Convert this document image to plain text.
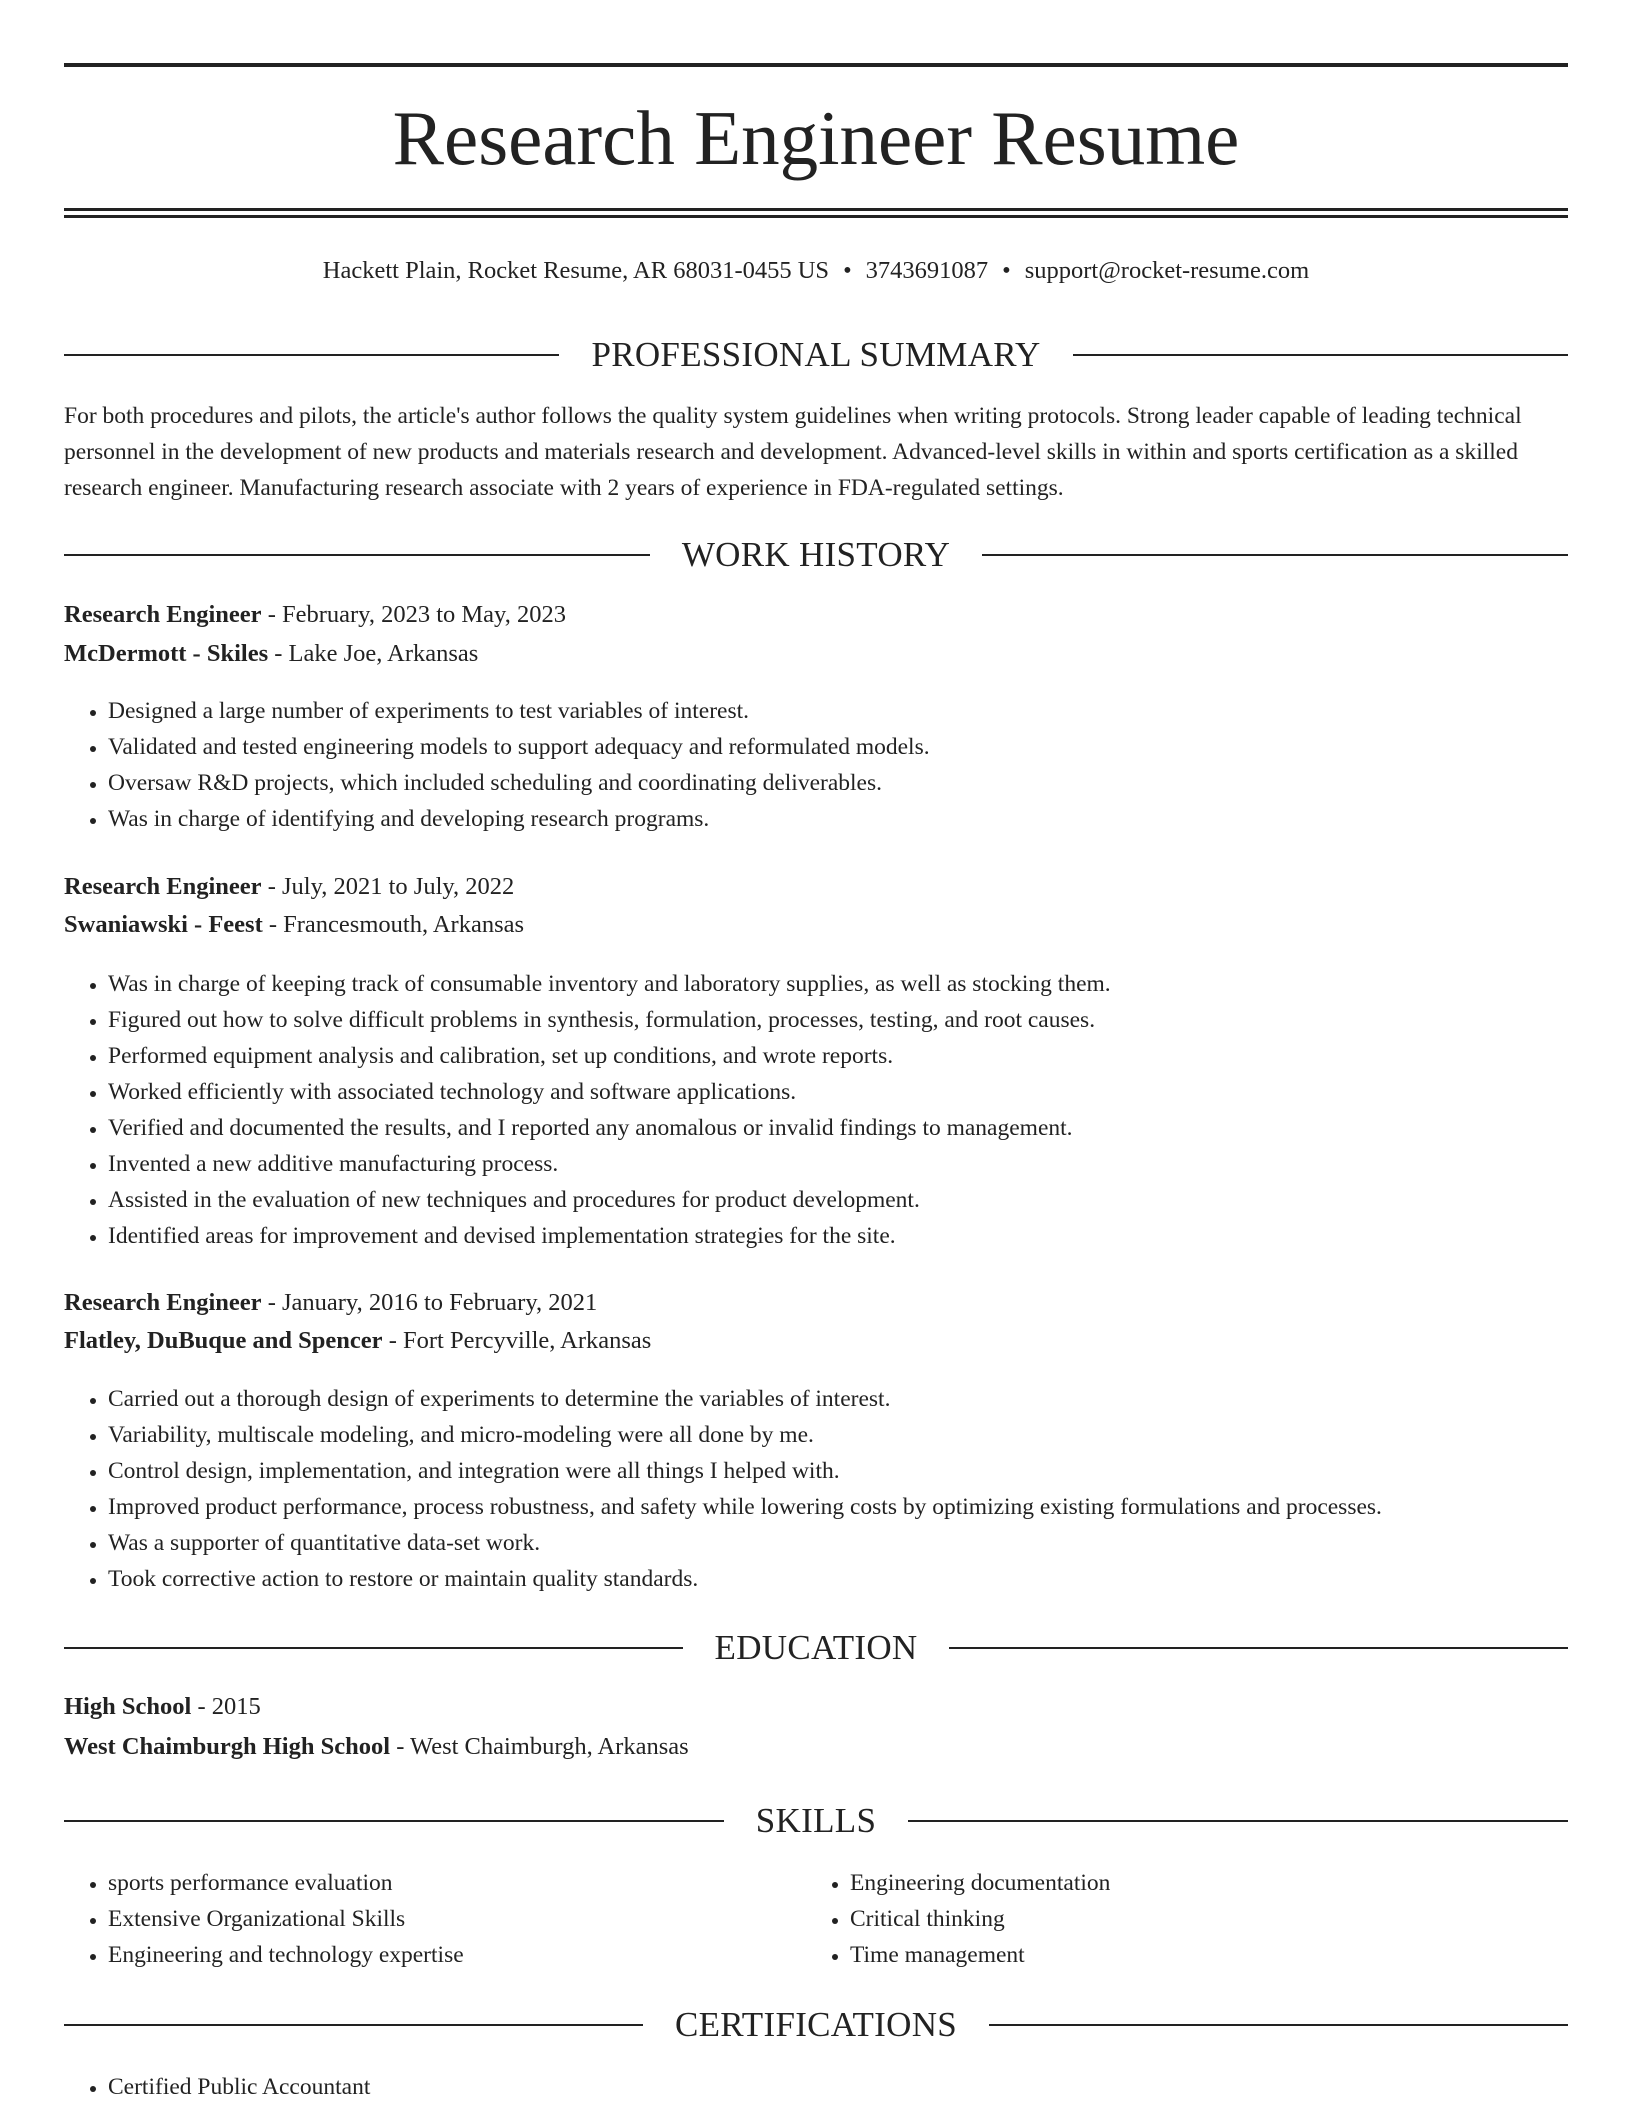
Research Engineer Resume
Hackett Plain, Rocket Resume, AR 68031-0455 US • 3743691087 • support@rocket-resume.com
PROFESSIONAL SUMMARY
For both procedures and pilots, the article's author follows the quality system guidelines when writing protocols. Strong leader capable of leading technical personnel in the development of new products and materials research and development. Advanced-level skills in within and sports certification as a skilled research engineer. Manufacturing research associate with 2 years of experience in FDA-regulated settings.
WORK HISTORY
Research Engineer - February, 2023 to May, 2023
McDermott - Skiles - Lake Joe, Arkansas
• Designed a large number of experiments to test variables of interest.
• Validated and tested engineering models to support adequacy and reformulated models.
• Oversaw R&D projects, which included scheduling and coordinating deliverables.
• Was in charge of identifying and developing research programs.
Research Engineer - July, 2021 to July, 2022
Swaniawski - Feest - Francesmouth, Arkansas
• Was in charge of keeping track of consumable inventory and laboratory supplies, as well as stocking them.
• Figured out how to solve difficult problems in synthesis, formulation, processes, testing, and root causes.
• Performed equipment analysis and calibration, set up conditions, and wrote reports.
• Worked efficiently with associated technology and software applications.
• Verified and documented the results, and I reported any anomalous or invalid findings to management.
• Invented a new additive manufacturing process.
• Assisted in the evaluation of new techniques and procedures for product development.
• Identified areas for improvement and devised implementation strategies for the site.
Research Engineer - January, 2016 to February, 2021
Flatley, DuBuque and Spencer - Fort Percyville, Arkansas
• Carried out a thorough design of experiments to determine the variables of interest.
• Variability, multiscale modeling, and micro-modeling were all done by me.
• Control design, implementation, and integration were all things I helped with.
• Improved product performance, process robustness, and safety while lowering costs by optimizing existing formulations and processes.
• Was a supporter of quantitative data-set work.
• Took corrective action to restore or maintain quality standards.
EDUCATION
High School - 2015
West Chaimburgh High School - West Chaimburgh, Arkansas
SKILLS
• sports performance evaluation
• Extensive Organizational Skills
• Engineering and technology expertise
• Engineering documentation
• Critical thinking
• Time management
CERTIFICATIONS
• Certified Public Accountant
